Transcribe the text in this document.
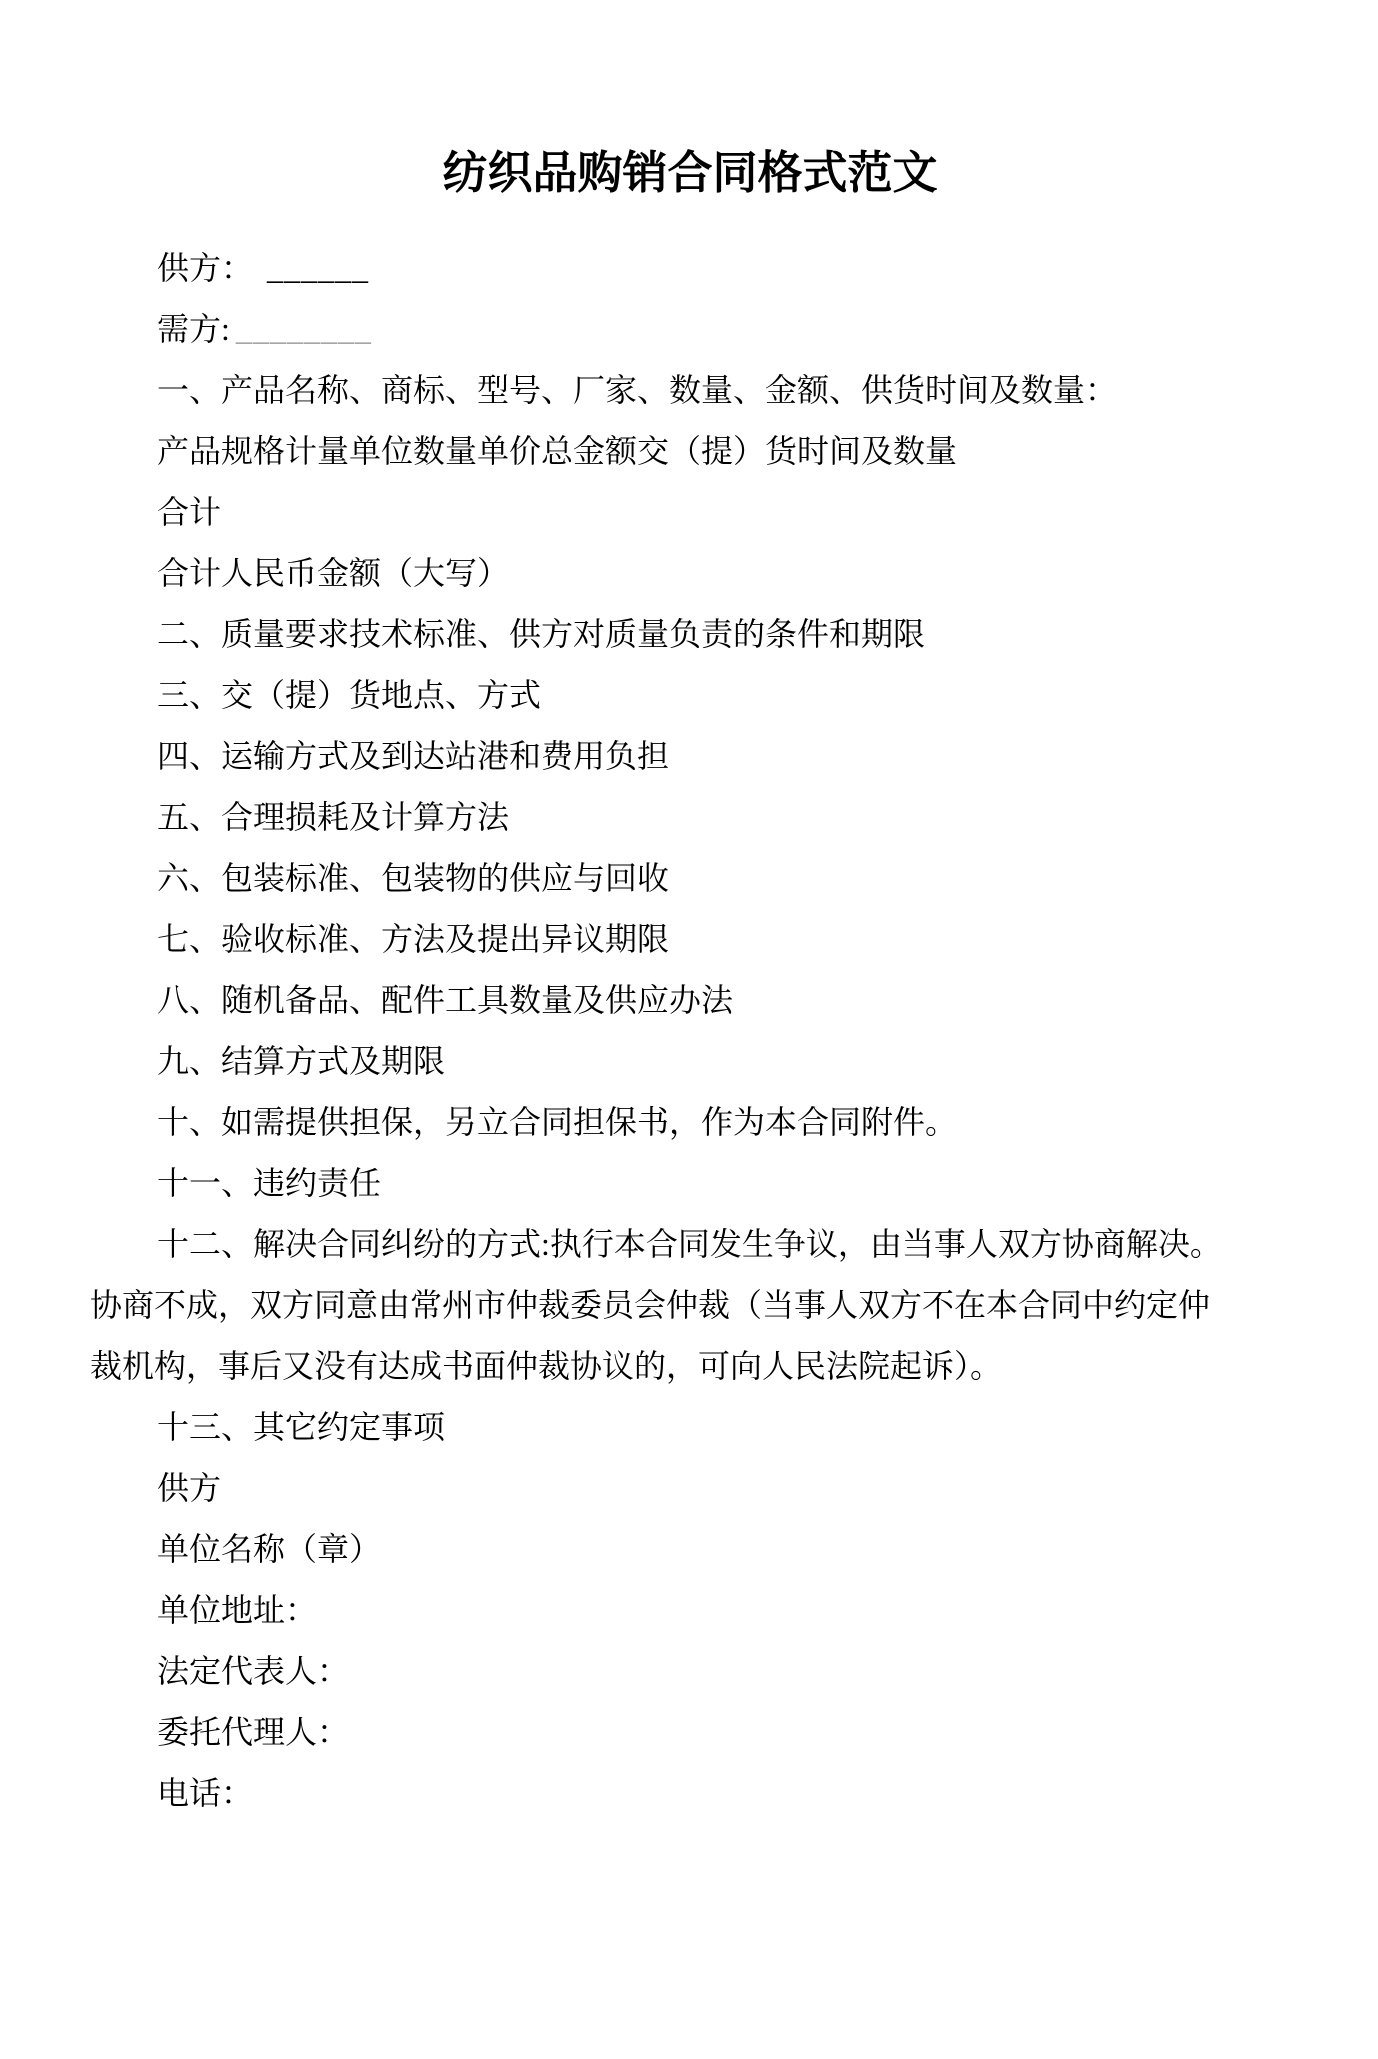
纺织品购销合同格式范文

供方： ______

需方: ________

一、产品名称、商标、型号、厂家、数量、金额、供货时间及数量：

产品规格计量单位数量单价总金额交（提）货时间及数量

合计

合计人民币金额（大写）

二、质量要求技术标准、供方对质量负责的条件和期限

三、交（提）货地点、方式

四、运输方式及到达站港和费用负担

五、合理损耗及计算方法

六、包装标准、包装物的供应与回收

七、验收标准、方法及提出异议期限

八、随机备品、配件工具数量及供应办法

九、结算方式及期限

十、如需提供担保，另立合同担保书，作为本合同附件。

十一、违约责任

十二、解决合同纠纷的方式:执行本合同发生争议，由当事人双方协商解决。

协商不成，双方同意由常州市仲裁委员会仲裁（当事人双方不在本合同中约定仲

裁机构，事后又没有达成书面仲裁协议的，可向人民法院起诉）。

十三、其它约定事项

供方

单位名称（章）

单位地址：

法定代表人：

委托代理人：

电话：
